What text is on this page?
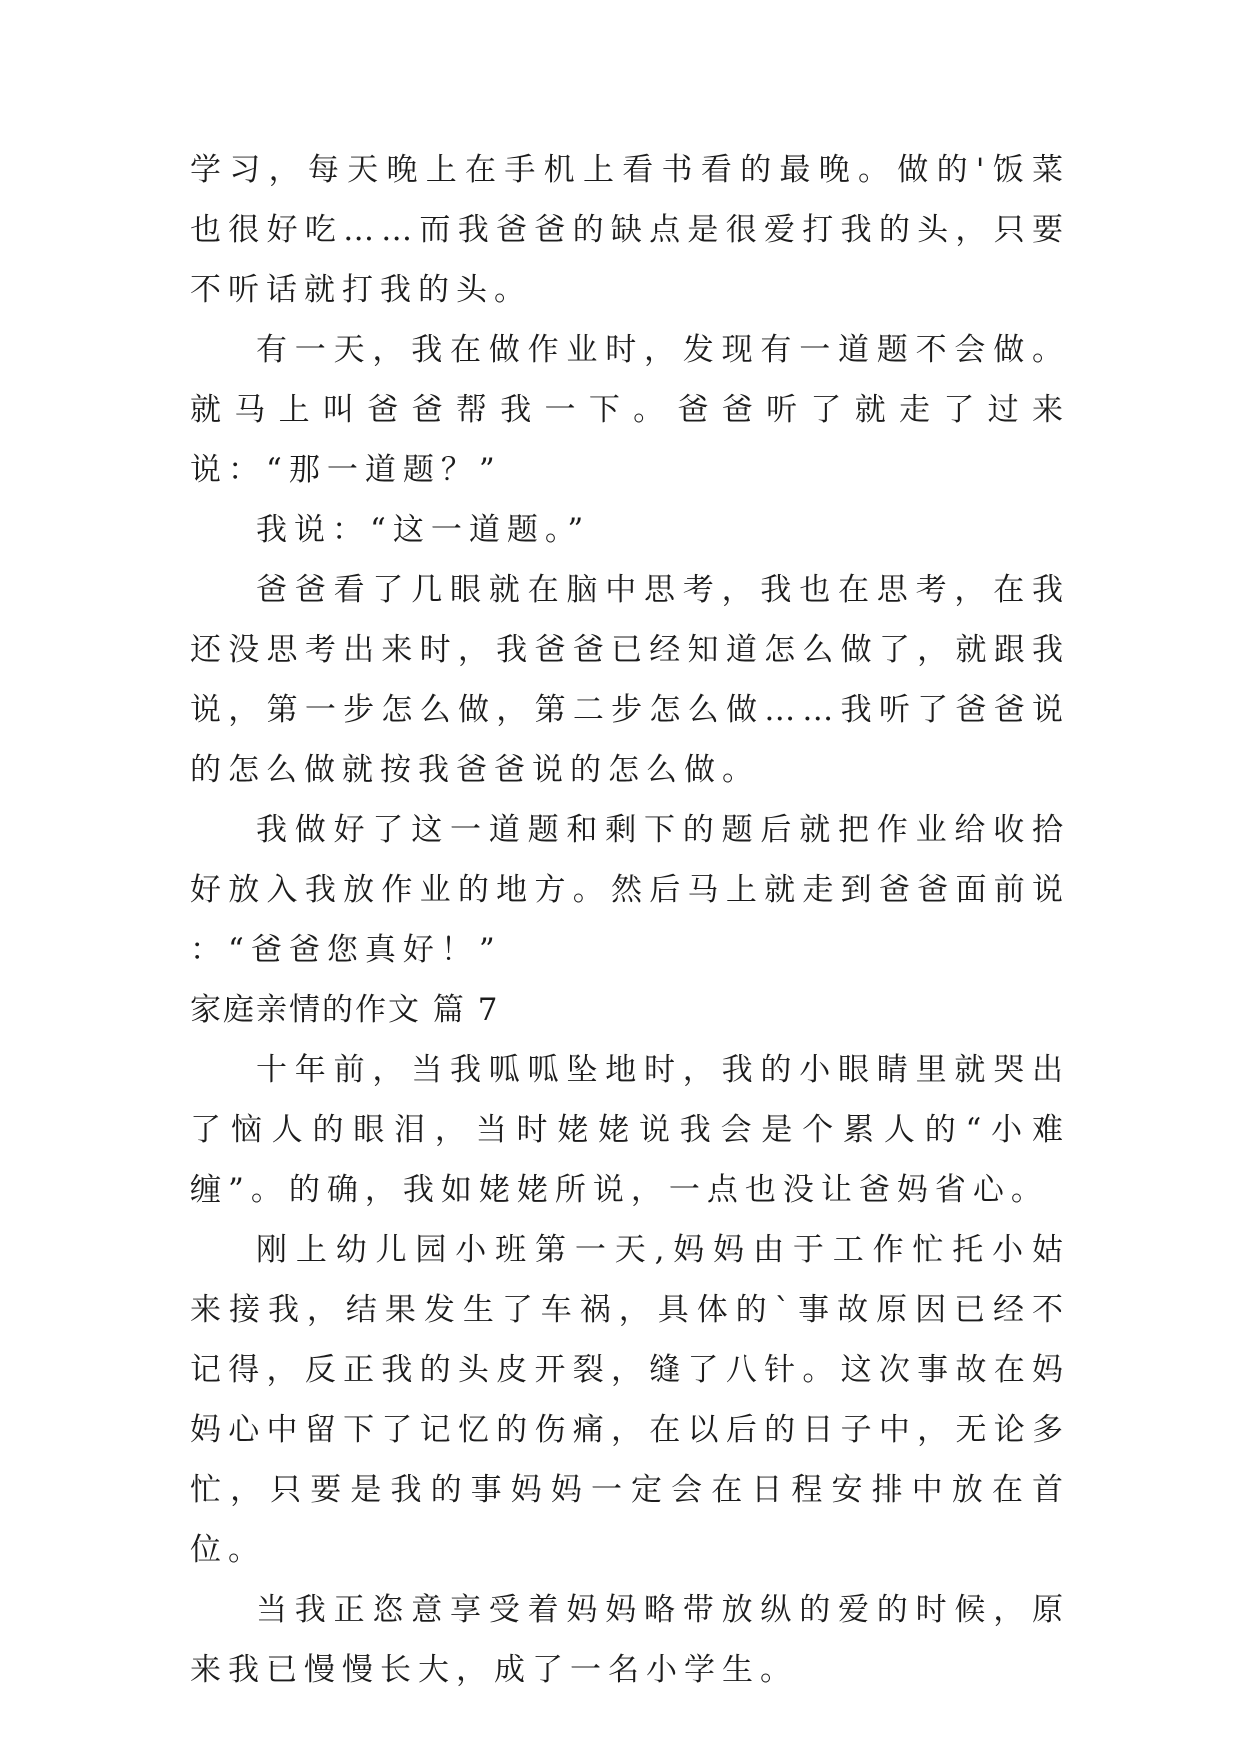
学习，每天晚上在手机上看书看的最晚。做的'饭菜也很好吃……而我爸爸的缺点是很爱打我的头，只要不听话就打我的头。

有一天，我在做作业时，发现有一道题不会做。就马上叫爸爸帮我一下。爸爸听了就走了过来说：“那一道题？”

我说：“这一道题。”

爸爸看了几眼就在脑中思考，我也在思考，在我还没思考出来时，我爸爸已经知道怎么做了，就跟我说，第一步怎么做，第二步怎么做……我听了爸爸说的怎么做就按我爸爸说的怎么做。

我做好了这一道题和剩下的题后就把作业给收拾好放入我放作业的地方。然后马上就走到爸爸面前说 ：“爸爸您真好！”

家庭亲情的作文 篇 7

十年前，当我呱呱坠地时，我的小眼睛里就哭出了恼人的眼泪，当时姥姥说我会是个累人的“小难缠”。的确，我如姥姥所说，一点也没让爸妈省心。

刚上幼儿园小班第一天,妈妈由于工作忙托小姑来接我，结果发生了车祸，具体的`事故原因已经不记得，反正我的头皮开裂，缝了八针。这次事故在妈妈心中留下了记忆的伤痛，在以后的日子中，无论多忙，只要是我的事妈妈一定会在日程安排中放在首位。

当我正恣意享受着妈妈略带放纵的爱的时候，原来我已慢慢长大，成了一名小学生。
